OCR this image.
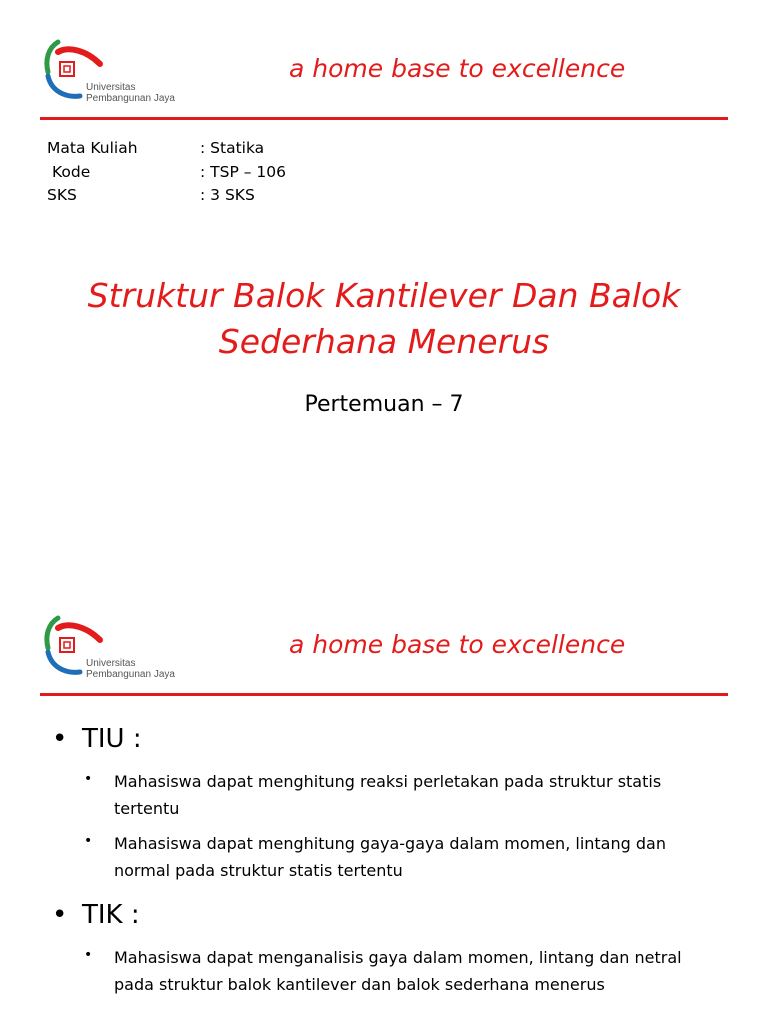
Universitas
Pembangunan Jaya
a home base to excellence
Mata Kuliah	: Statika
Kode	: TSP – 106
SKS	: 3 SKS
Struktur Balok Kantilever Dan Balok
Sederhana Menerus
Pertemuan – 7
Universitas
Pembangunan Jaya
a home base to excellence
• TIU :
• Mahasiswa dapat menghitung reaksi perletakan pada struktur statis tertentu
• Mahasiswa dapat menghitung gaya-gaya dalam momen, lintang dan normal pada struktur statis tertentu
• TIK :
• Mahasiswa dapat menganalisis gaya dalam momen, lintang dan netral pada struktur balok kantilever dan balok sederhana menerus
